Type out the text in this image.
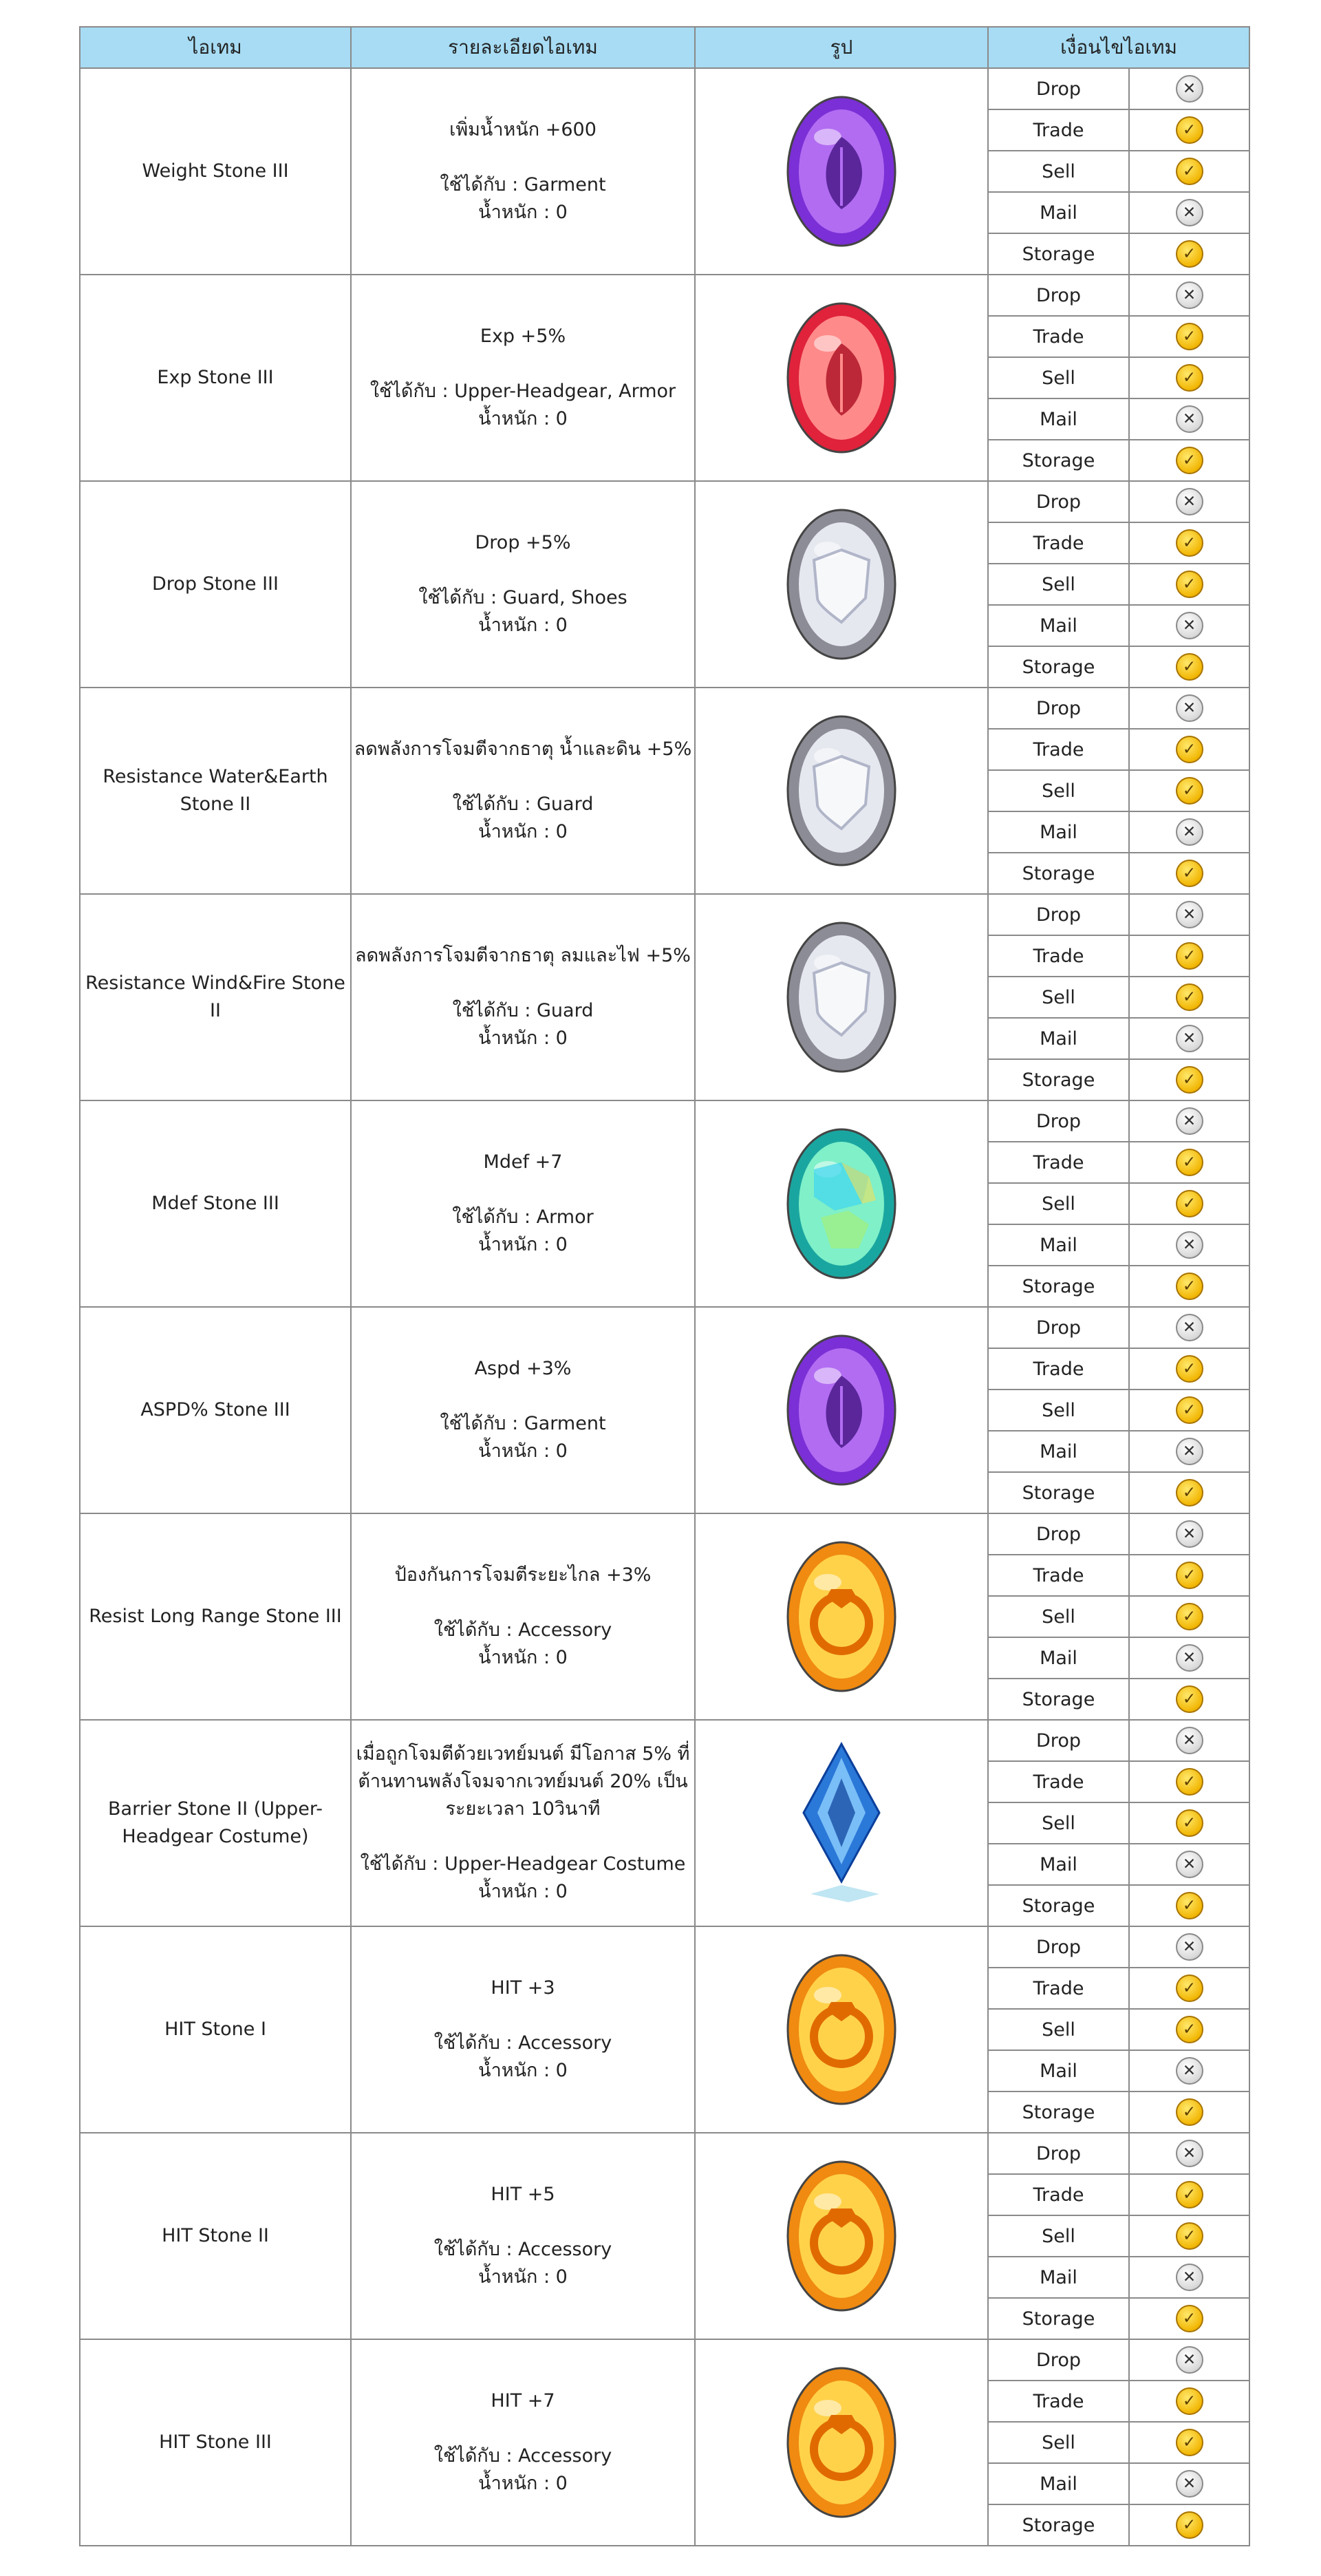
ไอเทม	รายละเอียดไอเทม	รูป	เงื่อนไขไอเทม	
Weight Stone III	เพิ่มน้ำหนัก +600
ใช้ได้กับ : Garment
น้ำหนัก : 0		Drop	✕
			Trade	✓
			Sell	✓
			Mail	✕
			Storage	✓
Exp Stone III	Exp +5%
ใช้ได้กับ : Upper-Headgear, Armor
น้ำหนัก : 0		Drop	✕
			Trade	✓
			Sell	✓
			Mail	✕
			Storage	✓
Drop Stone III	Drop +5%
ใช้ได้กับ : Guard, Shoes
น้ำหนัก : 0		Drop	✕
			Trade	✓
			Sell	✓
			Mail	✕
			Storage	✓
Resistance Water&Earth Stone II	ลดพลังการโจมตีจากธาตุ น้ำและดิน +5%
ใช้ได้กับ : Guard
น้ำหนัก : 0		Drop	✕
			Trade	✓
			Sell	✓
			Mail	✕
			Storage	✓
Resistance Wind&Fire Stone II	ลดพลังการโจมตีจากธาตุ ลมและไฟ +5%
ใช้ได้กับ : Guard
น้ำหนัก : 0		Drop	✕
			Trade	✓
			Sell	✓
			Mail	✕
			Storage	✓
Mdef Stone III	Mdef +7
ใช้ได้กับ : Armor
น้ำหนัก : 0		Drop	✕
			Trade	✓
			Sell	✓
			Mail	✕
			Storage	✓
ASPD% Stone III	Aspd +3%
ใช้ได้กับ : Garment
น้ำหนัก : 0		Drop	✕
			Trade	✓
			Sell	✓
			Mail	✕
			Storage	✓
Resist Long Range Stone III	ป้องกันการโจมตีระยะไกล +3%
ใช้ได้กับ : Accessory
น้ำหนัก : 0		Drop	✕
			Trade	✓
			Sell	✓
			Mail	✕
			Storage	✓
Barrier Stone II (Upper-Headgear Costume)	เมื่อถูกโจมตีด้วยเวทย์มนต์ มีโอกาส 5% ที่
ต้านทานพลังโจมจากเวทย์มนต์ 20% เป็น
ระยะเวลา 10วินาที
ใช้ได้กับ : Upper-Headgear Costume
น้ำหนัก : 0		Drop	✕
			Trade	✓
			Sell	✓
			Mail	✕
			Storage	✓
HIT Stone I	HIT +3
ใช้ได้กับ : Accessory
น้ำหนัก : 0		Drop	✕
			Trade	✓
			Sell	✓
			Mail	✕
			Storage	✓
HIT Stone II	HIT +5
ใช้ได้กับ : Accessory
น้ำหนัก : 0		Drop	✕
			Trade	✓
			Sell	✓
			Mail	✕
			Storage	✓
HIT Stone III	HIT +7
ใช้ได้กับ : Accessory
น้ำหนัก : 0		Drop	✕
			Trade	✓
			Sell	✓
			Mail	✕
			Storage	✓
